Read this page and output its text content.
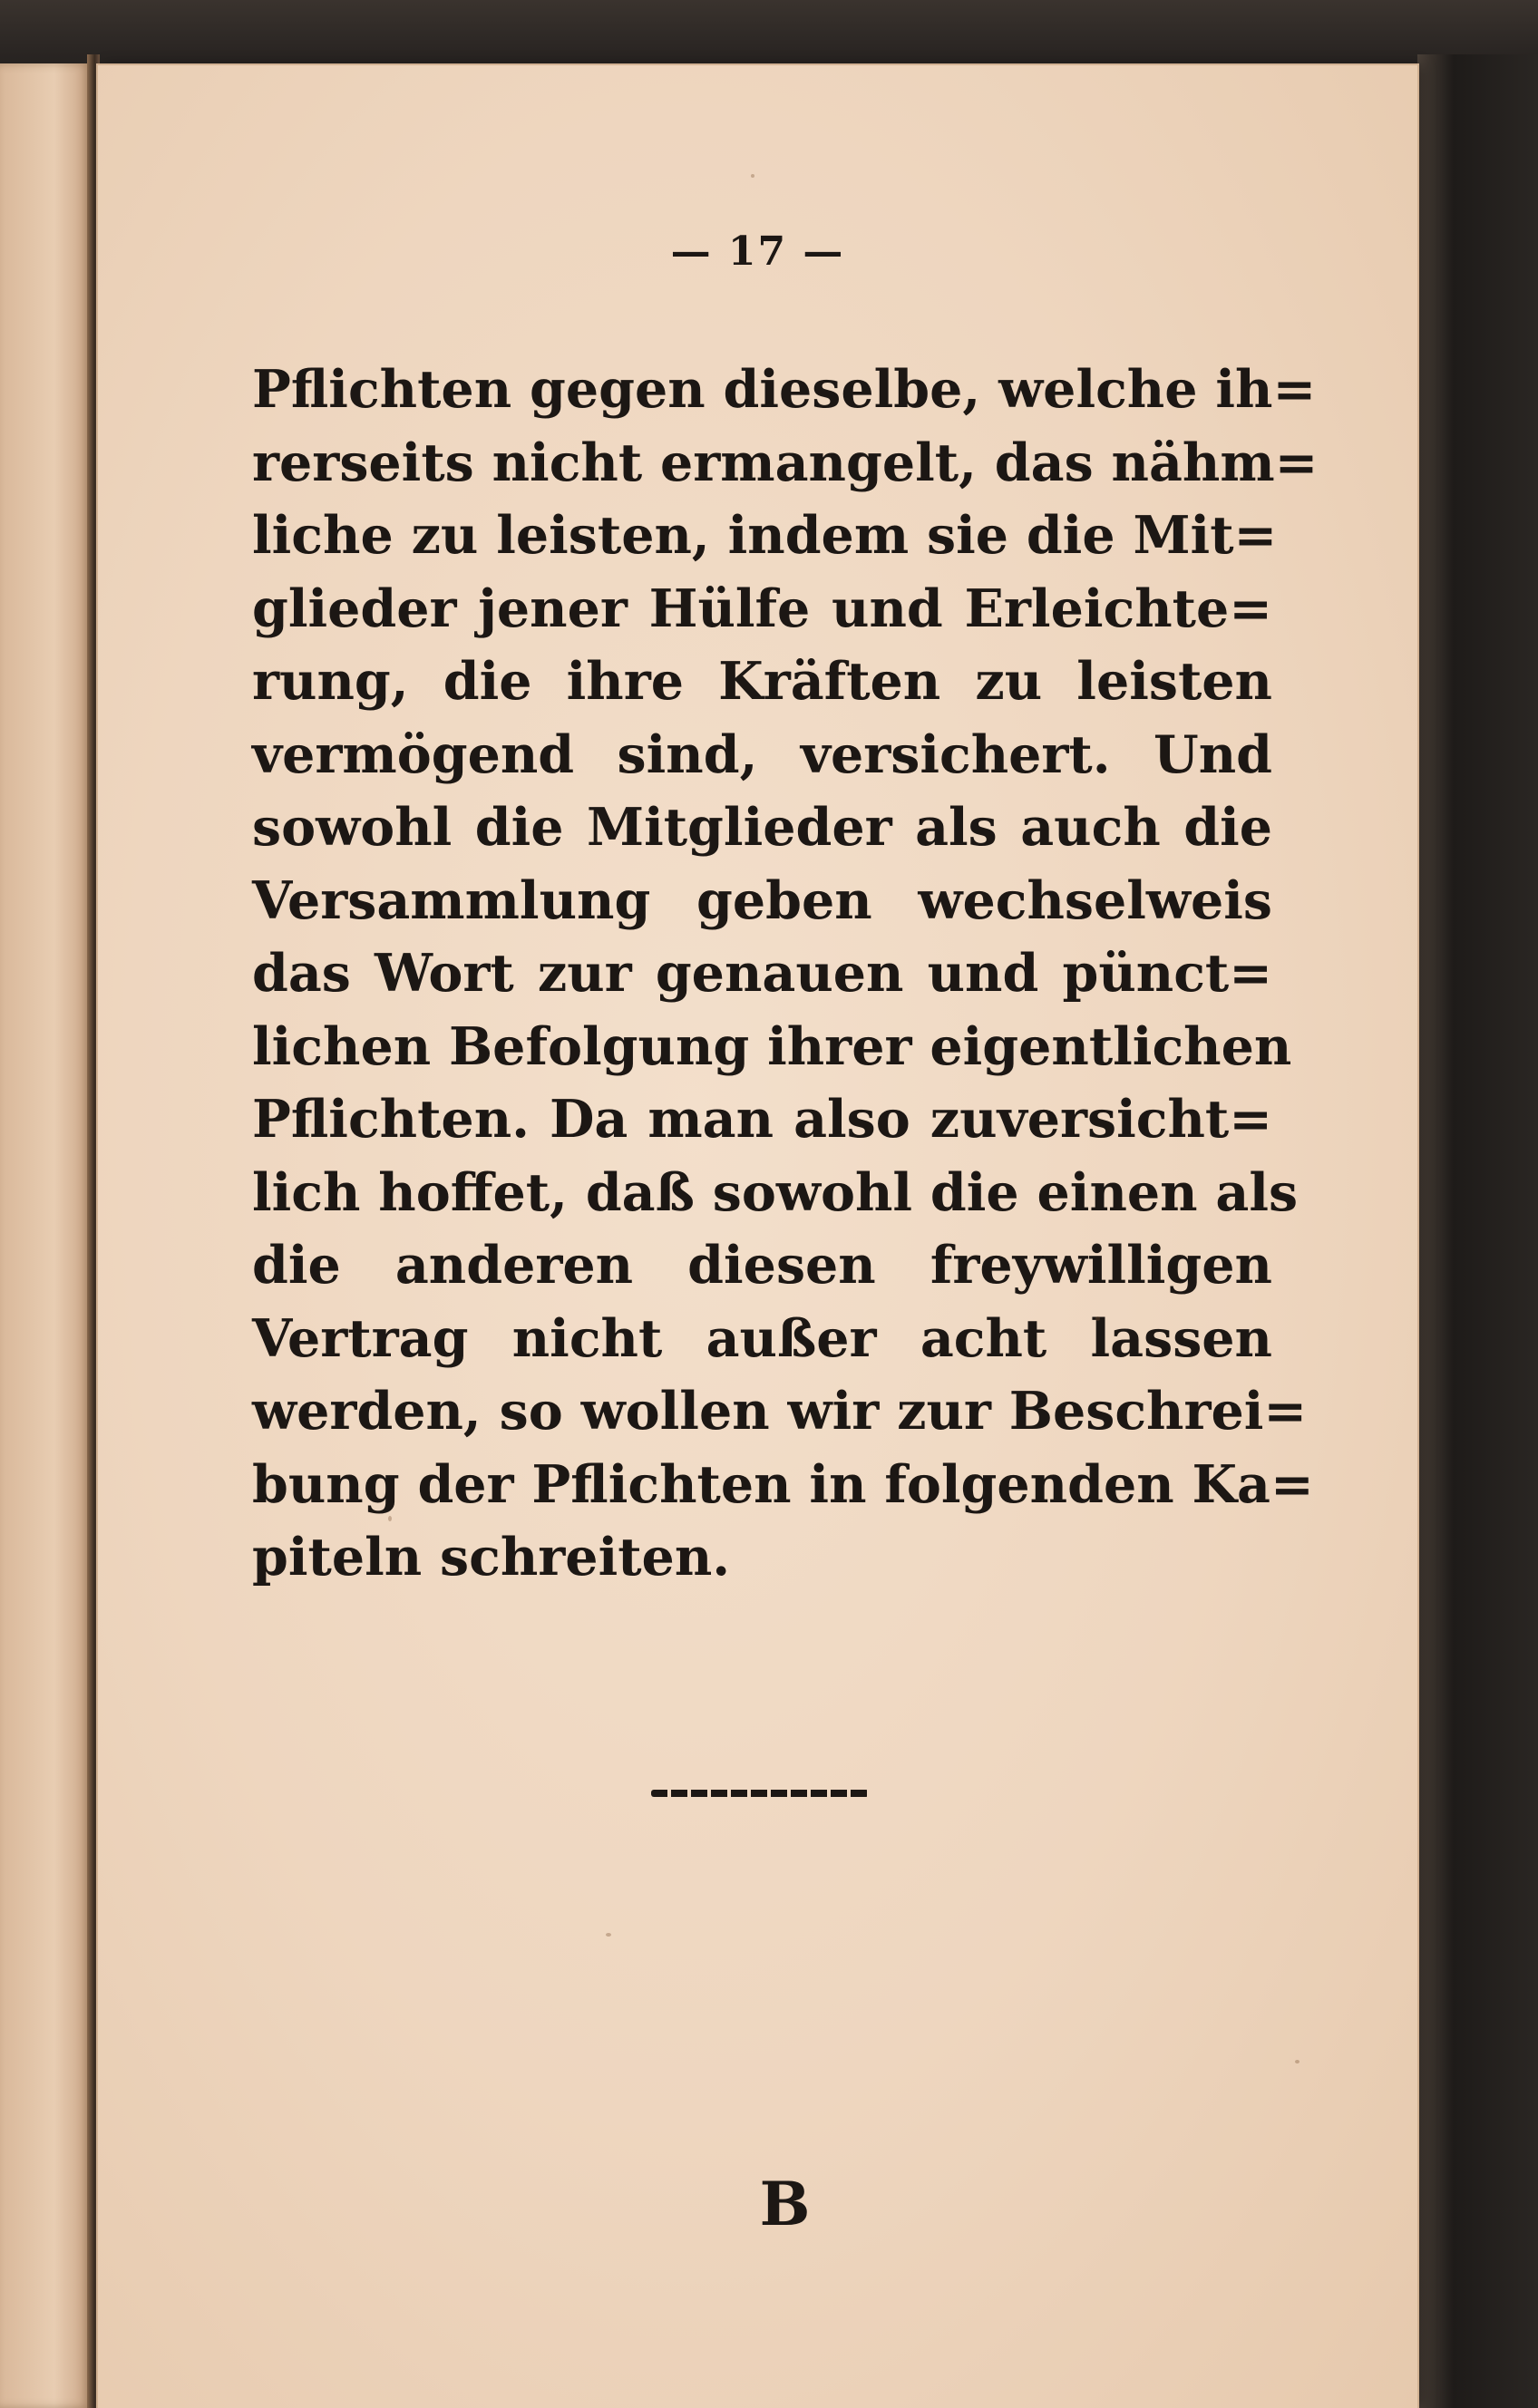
— 17 —
Pflichten gegen dieselbe, welche ih=
rerseits nicht ermangelt, das nähm=
liche zu leisten, indem sie die Mit=
glieder jener Hülfe und Erleichte=
rung, die ihre Kräften zu leisten
vermögend sind, versichert. Und
sowohl die Mitglieder als auch die
Versammlung geben wechselweis
das Wort zur genauen und pünct=
lichen Befolgung ihrer eigentlichen
Pflichten. Da man also zuversicht=
lich hoffet, daß sowohl die einen als
die anderen diesen freywilligen
Vertrag nicht außer acht lassen
werden, so wollen wir zur Beschrei=
bung der Pflichten in folgenden Ka=
piteln schreiten.
B
